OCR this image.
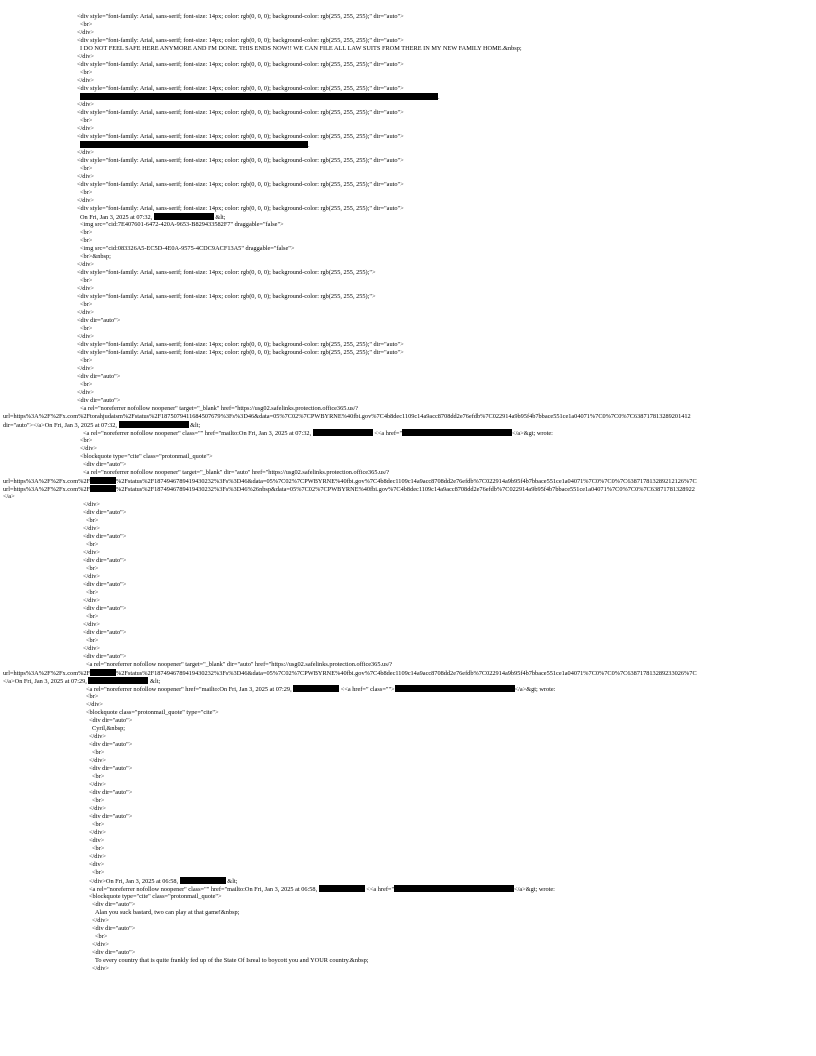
<div style="font-family: Arial, sans-serif; font-size: 14px; color: rgb(0, 0, 0); background-color: rgb(255, 255, 255);" dir="auto">
<br>
</div>
<div style="font-family: Arial, sans-serif; font-size: 14px; color: rgb(0, 0, 0); background-color: rgb(255, 255, 255);" dir="auto">
I DO NOT FEEL SAFE HERE ANYMORE AND I'M DONE. THIS ENDS NOW!! WE CAN FILE ALL LAW SUITS FROM THERE IN MY NEW FAMILY HOME.&nbsp;
</div>
<div style="font-family: Arial, sans-serif; font-size: 14px; color: rgb(0, 0, 0); background-color: rgb(255, 255, 255);" dir="auto">
<br>
</div>
<div style="font-family: Arial, sans-serif; font-size: 14px; color: rgb(0, 0, 0); background-color: rgb(255, 255, 255);" dir="auto">
.
</div>
<div style="font-family: Arial, sans-serif; font-size: 14px; color: rgb(0, 0, 0); background-color: rgb(255, 255, 255);" dir="auto">
<br>
</div>
<div style="font-family: Arial, sans-serif; font-size: 14px; color: rgb(0, 0, 0); background-color: rgb(255, 255, 255);" dir="auto">
.
</div>
<div style="font-family: Arial, sans-serif; font-size: 14px; color: rgb(0, 0, 0); background-color: rgb(255, 255, 255);" dir="auto">
<br>
</div>
<div style="font-family: Arial, sans-serif; font-size: 14px; color: rgb(0, 0, 0); background-color: rgb(255, 255, 255);" dir="auto">
<br>
</div>
<div style="font-family: Arial, sans-serif; font-size: 14px; color: rgb(0, 0, 0); background-color: rgb(255, 255, 255);" dir="auto">
On Fri, Jan 3, 2025 at 07:32,	&lt;
<img src="cid:7E407601-6472-420A-9653-B829433582F7" draggable="false">
<br>
<br>
<img src="cid:083326A5-EC5D-4E0A-9575-4CDC9ACF13A5" draggable="false">
<br>&nbsp;
</div>
<div style="font-family: Arial, sans-serif; font-size: 14px; color: rgb(0, 0, 0); background-color: rgb(255, 255, 255);">
<br>
</div>
<div style="font-family: Arial, sans-serif; font-size: 14px; color: rgb(0, 0, 0); background-color: rgb(255, 255, 255);">
<br>
</div>
<div dir="auto">
<br>
</div>
<div style="font-family: Arial, sans-serif; font-size: 14px; color: rgb(0, 0, 0); background-color: rgb(255, 255, 255);" dir="auto">
<div style="font-family: Arial, sans-serif; font-size: 14px; color: rgb(0, 0, 0); background-color: rgb(255, 255, 255);" dir="auto">
<br>
</div>
<div dir="auto">
<br>
</div>
<div dir="auto">
<a rel="noreferrer nofollow noopener" target="_blank" href="https://usg02.safelinks.protection.office365.us/?
url=https%3A%2F%2Fx.com%2Ftorahjudaism%2Fstatus%2F1875079411684507679%3Fs%3D46&data=05%7C02%7CPWBYRNE%40fbi.gov%7C4b8dec1109c14a9acc8708dd2e76efdb%7C022914a9b95f4b7bbace551ce1a04071%7C0%7C0%7C638717813289201412
dir="auto"></a>On Fri, Jan 3, 2025 at 07:32,	&lt;
<a rel="noreferrer nofollow noopener" class="" href="mailto:On Fri, Jan 3, 2025 at 07:32,	<<a href="	</a>&gt; wrote:
<br>
</div>
<blockquote type="cite" class="protonmail_quote">
<div dir="auto">
<a rel="noreferrer nofollow noopener" target="_blank" dir="auto" href="https://usg02.safelinks.protection.office365.us/?
url=https%3A%2F%2Fx.com%2F	%2Fstatus%2F1874946789419430232%3Fs%3D46&data=05%7C02%7CPWBYRNE%40fbi.gov%7C4b8dec1109c14a9acc8708dd2e76efdb%7C022914a9b95f4b7bbace551ce1a04071%7C0%7C0%7C638717813289212126%7C
url=https%3A%2F%2Fx.com%2F	%2Fstatus%2F1874946789419430232%3Fs%3D46%26nbsp&data=05%7C02%7CPWBYRNE%40fbi.gov%7C4b8dec1109c14a9acc8708dd2e76efdb%7C022914a9b95f4b7bbace551ce1a04071%7C0%7C0%7C63871781328922
</a>
</div>
<div dir="auto">
<br>
</div>
<div dir="auto">
<br>
</div>
<div dir="auto">
<br>
</div>
<div dir="auto">
<br>
</div>
<div dir="auto">
<br>
</div>
<div dir="auto">
<br>
</div>
<div dir="auto">
<a rel="noreferrer nofollow noopener" target="_blank" dir="auto" href="https://usg02.safelinks.protection.office365.us/?
url=https%3A%2F%2Fx.com%2F	%2Fstatus%2F1874946789419430232%3Fs%3D46&data=05%7C02%7CPWBYRNE%40fbi.gov%7C4b8dec1109c14a9acc8708dd2e76efdb%7C022914a9b95f4b7bbace551ce1a04071%7C0%7C0%7C638717813289233026%7C
</a>On Fri, Jan 3, 2025 at 07:29,	&lt;
<a rel="noreferrer nofollow noopener" href="mailto:On Fri, Jan 3, 2025 at 07:29,	<<a href=" class="">	</a>&gt; wrote:
<br>
</div>
<blockquote class="protonmail_quote" type="cite">
<div dir="auto">
Cyril,&nbsp;
</div>
<div dir="auto">
<br>
</div>
<div dir="auto">
<br>
</div>
<div dir="auto">
<br>
</div>
<div dir="auto">
<br>
</div>
<div>
<br>
</div>
<div>
<br>
</div>On Fri, Jan 3, 2025 at 06:58,	&lt;
<a rel="noreferrer nofollow noopener" class="" href="mailto:On Fri, Jan 3, 2025 at 06:58,	<<a href="	</a>&gt; wrote:
<blockquote type="cite" class="protonmail_quote">
<div dir="auto">
Alan you suck bastard, two can play at that game!&nbsp;
</div>
<div dir="auto">
<br>
</div>
<div dir="auto">
To every country that is quite frankly fed up of the State Of Isreal to boycott you and YOUR country.&nbsp;
</div>
